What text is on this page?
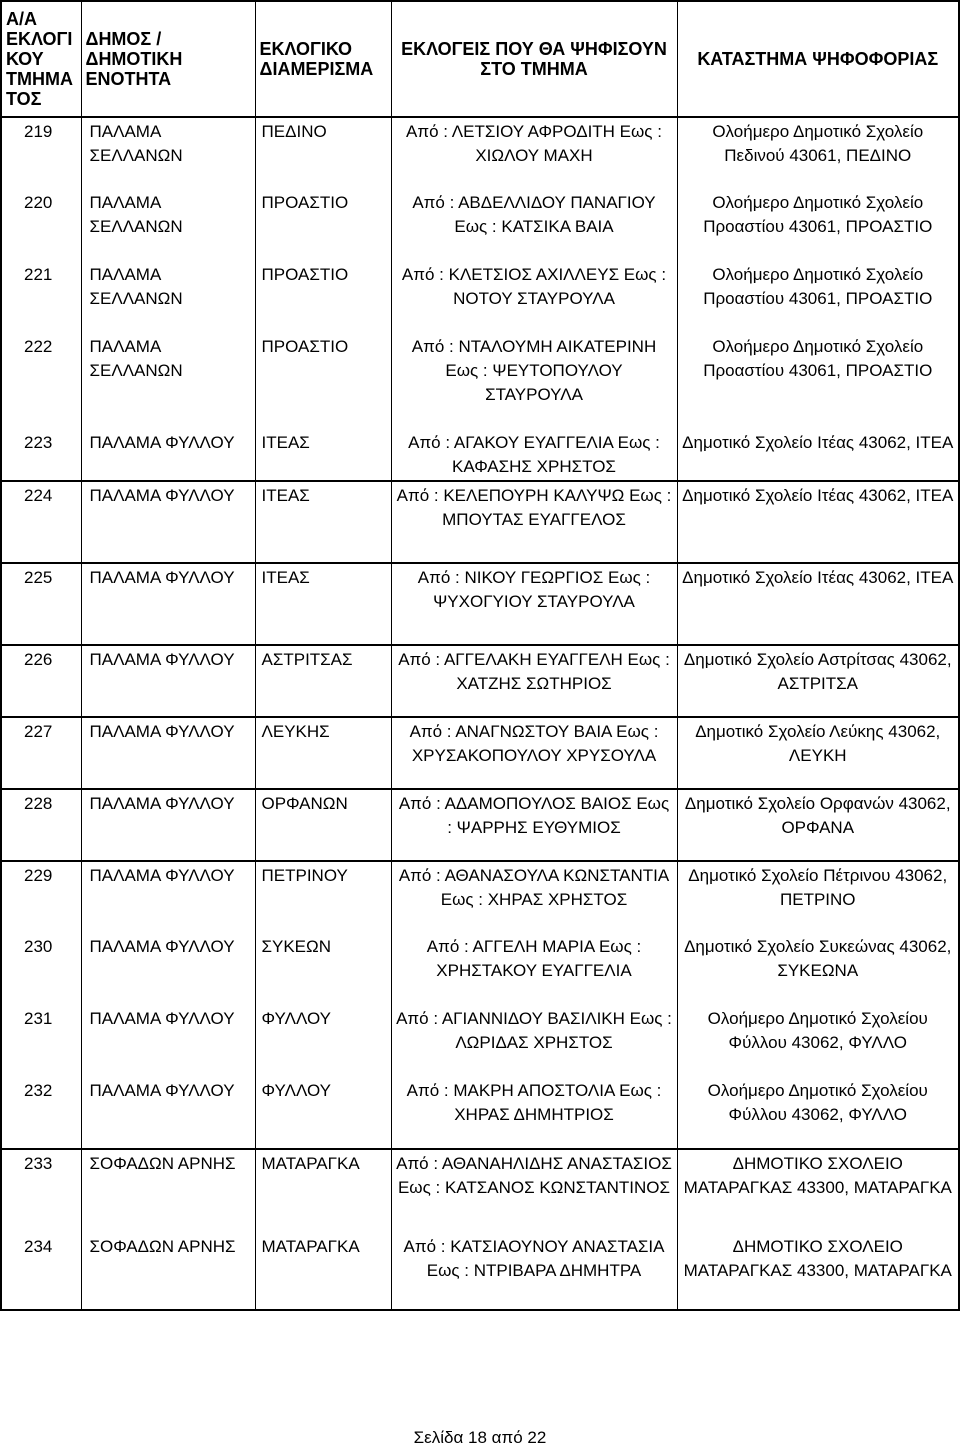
Α/Α ΕΚΛΟΓΙ ΚΟΥ ΤΜΗΜΑ ΤΟΣ	ΔΗΜΟΣ / ΔΗΜΟΤΙΚΗ ΕΝΟΤΗΤΑ	ΕΚΛΟΓΙΚΟ ΔΙΑΜΕΡΙΣΜΑ	ΕΚΛΟΓΕΙΣ ΠΟΥ ΘΑ ΨΗΦΙΣΟΥΝ ΣΤΟ ΤΜΗΜΑ	ΚΑΤΑΣΤΗΜΑ ΨΗΦΟΦΟΡΙΑΣ
219	ΠΑΛΑΜΑ ΣΕΛΛΑΝΩΝ	ΠΕΔΙΝΟ	Από : ΛΕΤΣΙΟΥ ΑΦΡΟΔΙΤΗ Εως : ΧΙΩΛΟΥ ΜΑΧΗ	Ολοήμερο Δημοτικό Σχολείο Πεδινού 43061, ΠΕΔΙΝΟ
220	ΠΑΛΑΜΑ ΣΕΛΛΑΝΩΝ	ΠΡΟΑΣΤΙΟ	Από : ΑΒΔΕΛΛΙΔΟΥ ΠΑΝΑΓΙΟΥ Εως : ΚΑΤΣΙΚΑ ΒΑΙΑ	Ολοήμερο Δημοτικό Σχολείο Προαστίου 43061, ΠΡΟΑΣΤΙΟ
221	ΠΑΛΑΜΑ ΣΕΛΛΑΝΩΝ	ΠΡΟΑΣΤΙΟ	Από : ΚΛΕΤΣΙΟΣ ΑΧΙΛΛΕΥΣ Εως : ΝΟΤΟΥ ΣΤΑΥΡΟΥΛΑ	Ολοήμερο Δημοτικό Σχολείο Προαστίου 43061, ΠΡΟΑΣΤΙΟ
222	ΠΑΛΑΜΑ ΣΕΛΛΑΝΩΝ	ΠΡΟΑΣΤΙΟ	Από : ΝΤΑΛΟΥΜΗ ΑΙΚΑΤΕΡΙΝΗ Εως : ΨΕΥΤΟΠΟΥΛΟΥ ΣΤΑΥΡΟΥΛΑ	Ολοήμερο Δημοτικό Σχολείο Προαστίου 43061, ΠΡΟΑΣΤΙΟ
223	ΠΑΛΑΜΑ ΦΥΛΛΟΥ	ΙΤΕΑΣ	Από : ΑΓΑΚΟΥ ΕΥΑΓΓΕΛΙΑ Εως : ΚΑΦΑΣΗΣ ΧΡΗΣΤΟΣ	Δημοτικό Σχολείο Ιτέας 43062, ΙΤΕΑ
224	ΠΑΛΑΜΑ ΦΥΛΛΟΥ	ΙΤΕΑΣ	Από : ΚΕΛΕΠΟΥΡΗ ΚΑΛΥΨΩ Εως : ΜΠΟΥΤΑΣ ΕΥΑΓΓΕΛΟΣ	Δημοτικό Σχολείο Ιτέας 43062, ΙΤΕΑ
225	ΠΑΛΑΜΑ ΦΥΛΛΟΥ	ΙΤΕΑΣ	Από : ΝΙΚΟΥ ΓΕΩΡΓΙΟΣ Εως : ΨΥΧΟΓΥΙΟΥ ΣΤΑΥΡΟΥΛΑ	Δημοτικό Σχολείο Ιτέας 43062, ΙΤΕΑ
226	ΠΑΛΑΜΑ ΦΥΛΛΟΥ	ΑΣΤΡΙΤΣΑΣ	Από : ΑΓΓΕΛΑΚΗ ΕΥΑΓΓΕΛΗ Εως : ΧΑΤΖΗΣ ΣΩΤΗΡΙΟΣ	Δημοτικό Σχολείο Αστρίτσας 43062, ΑΣΤΡΙΤΣΑ
227	ΠΑΛΑΜΑ ΦΥΛΛΟΥ	ΛΕΥΚΗΣ	Από : ΑΝΑΓΝΩΣΤΟΥ ΒΑΙΑ Εως : ΧΡΥΣΑΚΟΠΟΥΛΟΥ ΧΡΥΣΟΥΛΑ	Δημοτικό Σχολείο Λεύκης 43062, ΛΕΥΚΗ
228	ΠΑΛΑΜΑ ΦΥΛΛΟΥ	ΟΡΦΑΝΩΝ	Από : ΑΔΑΜΟΠΟΥΛΟΣ ΒΑΙΟΣ Εως : ΨΑΡΡΗΣ ΕΥΘΥΜΙΟΣ	Δημοτικό Σχολείο Ορφανών 43062, ΟΡΦΑΝΑ
229	ΠΑΛΑΜΑ ΦΥΛΛΟΥ	ΠΕΤΡΙΝΟΥ	Από : ΑΘΑΝΑΣΟΥΛΑ ΚΩΝΣΤΑΝΤΙΑ Εως : ΧΗΡΑΣ ΧΡΗΣΤΟΣ	Δημοτικό Σχολείο Πέτρινου 43062, ΠΕΤΡΙΝΟ
230	ΠΑΛΑΜΑ ΦΥΛΛΟΥ	ΣΥΚΕΩΝ	Από : ΑΓΓΕΛΗ ΜΑΡΙΑ Εως : ΧΡΗΣΤΑΚΟΥ ΕΥΑΓΓΕΛΙΑ	Δημοτικό Σχολείο Συκεώνας 43062, ΣΥΚΕΩΝΑ
231	ΠΑΛΑΜΑ ΦΥΛΛΟΥ	ΦΥΛΛΟΥ	Από : ΑΓΙΑΝΝΙΔΟΥ ΒΑΣΙΛΙΚΗ Εως : ΛΩΡΙΔΑΣ ΧΡΗΣΤΟΣ	Ολοήμερο Δημοτικό Σχολείου Φύλλου 43062, ΦΥΛΛΟ
232	ΠΑΛΑΜΑ ΦΥΛΛΟΥ	ΦΥΛΛΟΥ	Από : ΜΑΚΡΗ ΑΠΟΣΤΟΛΙΑ Εως : ΧΗΡΑΣ ΔΗΜΗΤΡΙΟΣ	Ολοήμερο Δημοτικό Σχολείου Φύλλου 43062, ΦΥΛΛΟ
233	ΣΟΦΑΔΩΝ ΑΡΝΗΣ	ΜΑΤΑΡΑΓΚΑ	Από : ΑΘΑΝΑΗΛΙΔΗΣ ΑΝΑΣΤΑΣΙΟΣ Εως : ΚΑΤΣΑΝΟΣ ΚΩΝΣΤΑΝΤΙΝΟΣ	ΔΗΜΟΤΙΚΟ ΣΧΟΛΕΙΟ ΜΑΤΑΡΑΓΚΑΣ 43300, ΜΑΤΑΡΑΓΚΑ
234	ΣΟΦΑΔΩΝ ΑΡΝΗΣ	ΜΑΤΑΡΑΓΚΑ	Από : ΚΑΤΣΙΑΟΥΝΟΥ ΑΝΑΣΤΑΣΙΑ Εως : ΝΤΡΙΒΑΡΑ ΔΗΜΗΤΡΑ	ΔΗΜΟΤΙΚΟ ΣΧΟΛΕΙΟ ΜΑΤΑΡΑΓΚΑΣ 43300, ΜΑΤΑΡΑΓΚΑ
Σελίδα 18 από 22
